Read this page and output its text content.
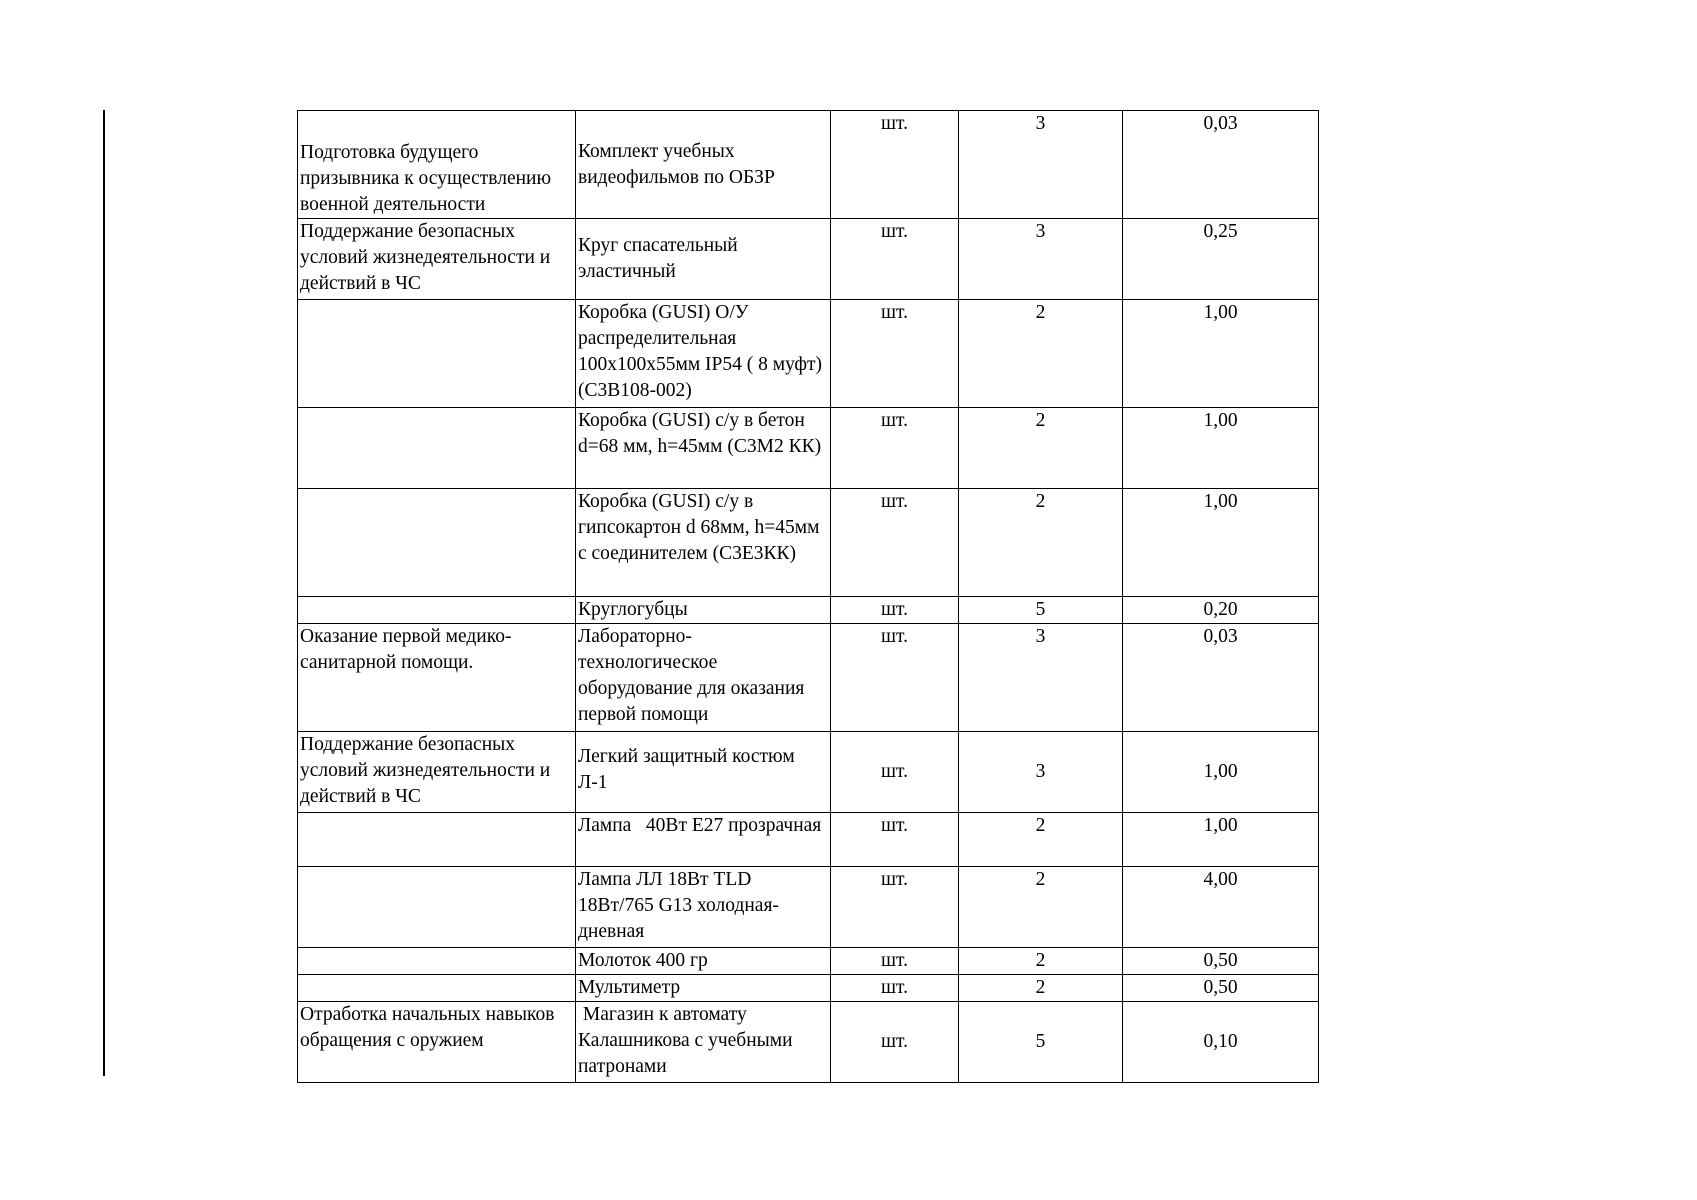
Подготовка будущего призывника к осуществлению военной деятельности	Комплект учебных видеофильмов по ОБЗР	шт.	3	0,03
Поддержание безопасных условий жизнедеятельности и действий в ЧС	Круг спасательный эластичный	шт.	3	0,25
	Коробка (GUSI) О/У распределительная 100х100х55мм IP54 ( 8 муфт) (С3В108-002)	шт.	2	1,00
	Коробка (GUSI) с/у в бетон d=68 мм, h=45мм (С3М2 КК)	шт.	2	1,00
	Коробка (GUSI) с/у в гипсокартон d 68мм, h=45мм с соединителем (С3Е3КК)	шт.	2	1,00
	Круглогубцы	шт.	5	0,20
Оказание первой медико-санитарной помощи.	Лабораторно-технологическое оборудование для оказания первой помощи	шт.	3	0,03
Поддержание безопасных условий жизнедеятельности и действий в ЧС	Легкий защитный костюм Л-1	шт.	3	1,00
	Лампа   40Вт Е27 прозрачная	шт.	2	1,00
	Лампа ЛЛ 18Вт TLD 18Вт/765 G13 холодная-дневная	шт.	2	4,00
	Молоток 400 гр	шт.	2	0,50
	Мультиметр	шт.	2	0,50
Отработка начальных навыков обращения с оружием	Магазин к автомату Калашникова с учебными патронами	шт.	5	0,10
